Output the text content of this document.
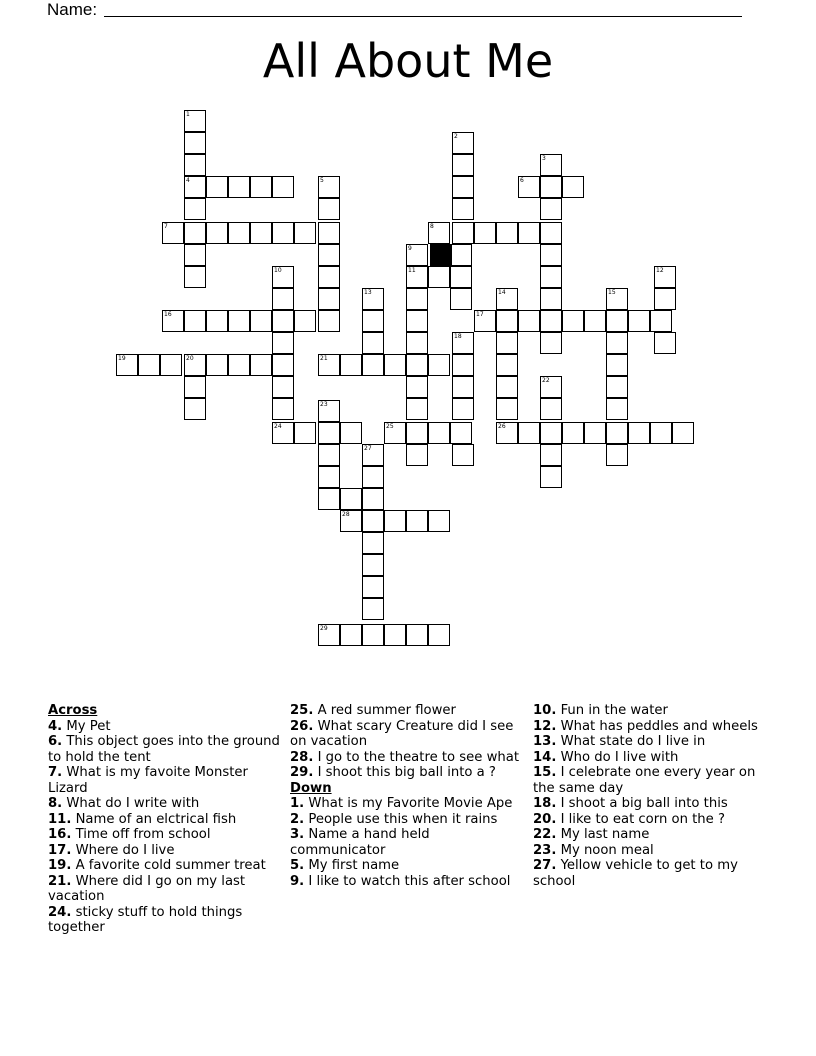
Name:
All About Me
1
4	5
7
10
16
19	20
24
23
13
21
27
28
29
25
9
11
2
8
3
6
17
14
26
18
15
12
22

Across

4. My Pet

6. This object goes into the ground to hold the tent

7. What is my favoite Monster Lizard

8. What do I write with

11. Name of an elctrical fish

16. Time off from school

17. Where do I live

19. A favorite cold summer treat

21. Where did I go on my last vacation

24. sticky stuff to hold things together

25. A red summer flower

26. What scary Creature did I see on vacation

28. I go to the theatre to see what

29. I shoot this big ball into a ?

Down

1. What is my Favorite Movie Ape

2. People use this when it rains

3. Name a hand held communicator

5. My first name

9. I like to watch this after school

10. Fun in the water

12. What has peddles and wheels

13. What state do I live in

14. Who do I live with

15. I celebrate one every year on the same day

18. I shoot a big ball into this

20. I like to eat corn on the ?

22. My last name

23. My noon meal

27. Yellow vehicle to get to my school
